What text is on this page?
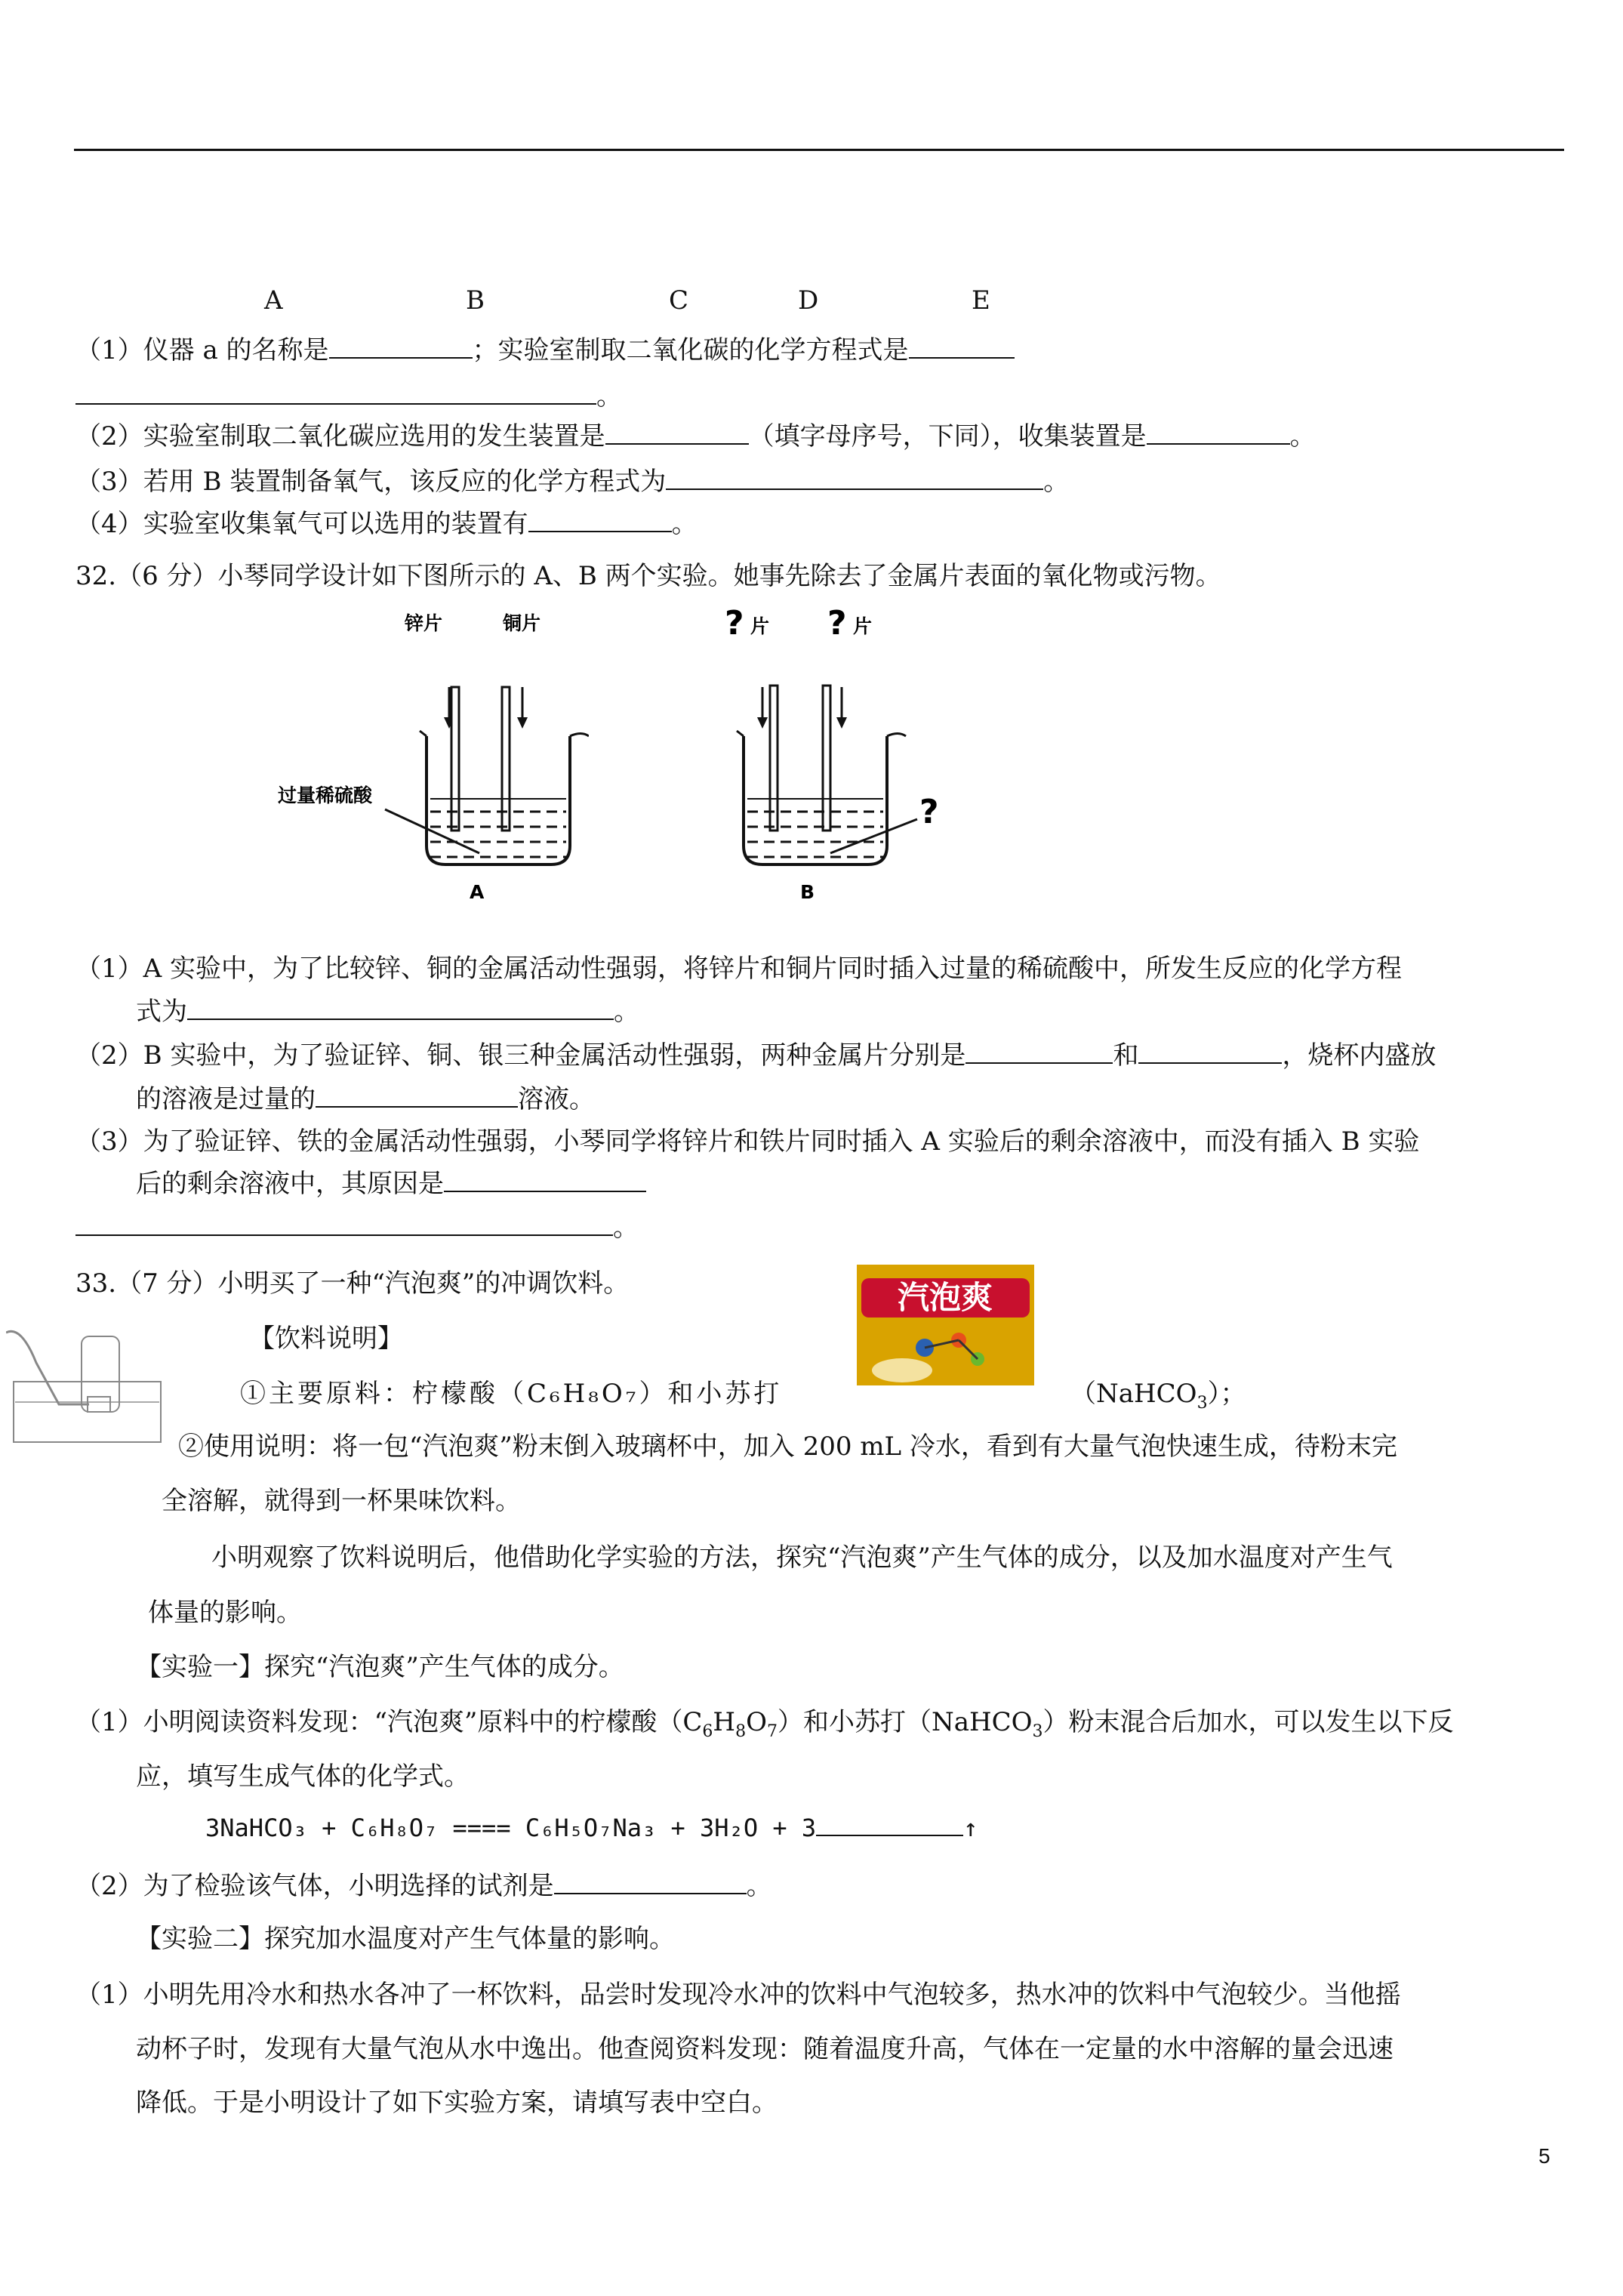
A	B	C	D	E
（1）仪器 a 的名称是	；实验室制取二氧化碳的化学方程式是
。
（2）实验室制取二氧化碳应选用的发生装置是	（填字母序号，下同），收集装置是	。
（3）若用 B 装置制备氧气，该反应的化学方程式为	。
（4）实验室收集氧气可以选用的装置有	。
32.（6 分）小琴同学设计如下图所示的 A、B 两个实验。她事先除去了金属片表面的氧化物或污物。
锌片	铜片
过量稀硫酸
A
? 片 ? 片
?
B
（1）A 实验中，为了比较锌、铜的金属活动性强弱，将锌片和铜片同时插入过量的稀硫酸中，所发生反应的化学方程
式为	。
（2）B 实验中，为了验证锌、铜、银三种金属活动性强弱，两种金属片分别是	和	，烧杯内盛放
的溶液是过量的	溶液。
（3）为了验证锌、铁的金属活动性强弱，小琴同学将锌片和铁片同时插入 A 实验后的剩余溶液中，而没有插入 B 实验
后的剩余溶液中，其原因是
。
33.（7 分）小明买了一种“汽泡爽”的冲调饮料。	汽泡爽
【饮料说明】
①主要原料：柠檬酸（C₆H₈O₇）和小苏打	（NaHCO$_3$）；
②使用说明：将一包“汽泡爽”粉末倒入玻璃杯中，加入 200 mL 冷水，看到有大量气泡快速生成，待粉末完
全溶解，就得到一杯果味饮料。
小明观察了饮料说明后，他借助化学实验的方法，探究“汽泡爽”产生气体的成分，以及加水温度对产生气
体量的影响。
【实验一】探究“汽泡爽”产生气体的成分。
（1）小明阅读资料发现：“汽泡爽”原料中的柠檬酸$(C_6H_8O_7)$和小苏打（NaHCO$_3$）粉末混合后加水，可以发生以下反
应，填写生成气体的化学式。
3NaHCO₃ + C₆H₈O₇ ==== C₆H₅O₇Na₃ + 3H₂O + 3	↑
（2）为了检验该气体，小明选择的试剂是	。
【实验二】探究加水温度对产生气体量的影响。
（1）小明先用冷水和热水各冲了一杯饮料，品尝时发现冷水冲的饮料中气泡较多，热水冲的饮料中气泡较少。当他摇
动杯子时，发现有大量气泡从水中逸出。他查阅资料发现：随着温度升高，气体在一定量的水中溶解的量会迅速
降低。于是小明设计了如下实验方案，请填写表中空白。
5
